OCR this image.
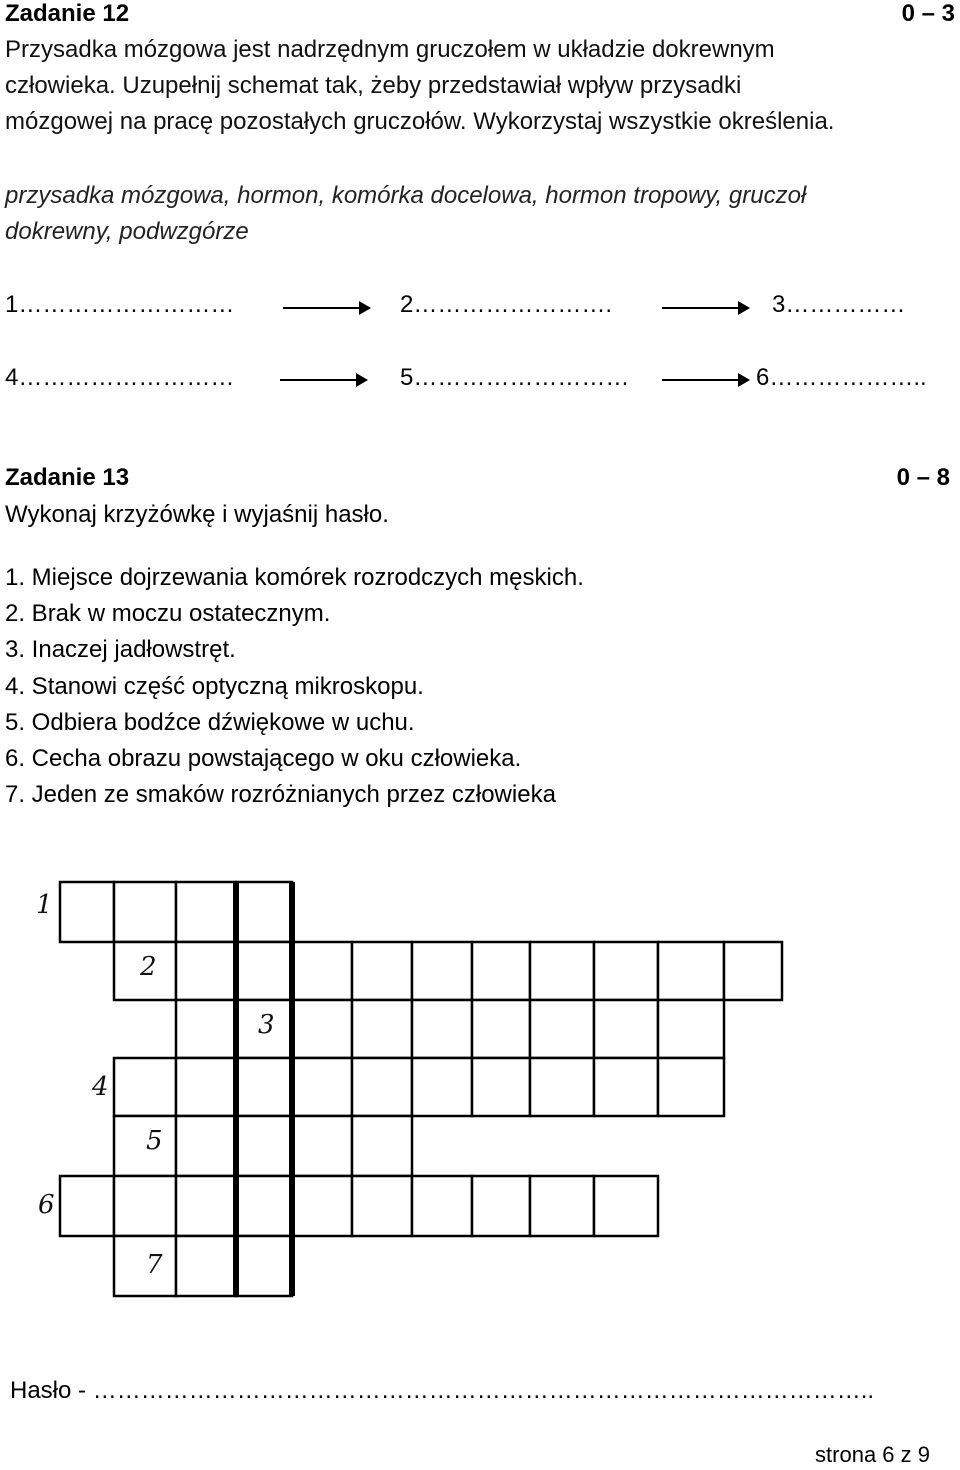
Zadanie 12	0 – 3
Przysadka mózgowa jest nadrzędnym gruczołem w układzie dokrewnym
człowieka. Uzupełnij schemat tak, żeby przedstawiał wpływ przysadki
mózgowej na pracę pozostałych gruczołów. Wykorzystaj wszystkie określenia.
przysadka mózgowa, hormon, komórka docelowa, hormon tropowy, gruczoł
dokrewny, podwzgórze
1………………………	2…………………….	3……………
4………………………	5………………………	6………………..
Zadanie 13	0 – 8
Wykonaj krzyżówkę i wyjaśnij hasło.
1. Miejsce dojrzewania komórek rozrodczych męskich.
2. Brak w moczu ostatecznym.
3. Inaczej jadłowstręt.
4. Stanowi część optyczną mikroskopu.
5. Odbiera bodźce dźwiękowe w uchu.
6. Cecha obrazu powstającego w oku człowieka.
7. Jeden ze smaków rozróżnianych przez człowieka
1
2
3
4
5
6
7
Hasło - ……………………………………………………………………………………..
strona 6 z 9
